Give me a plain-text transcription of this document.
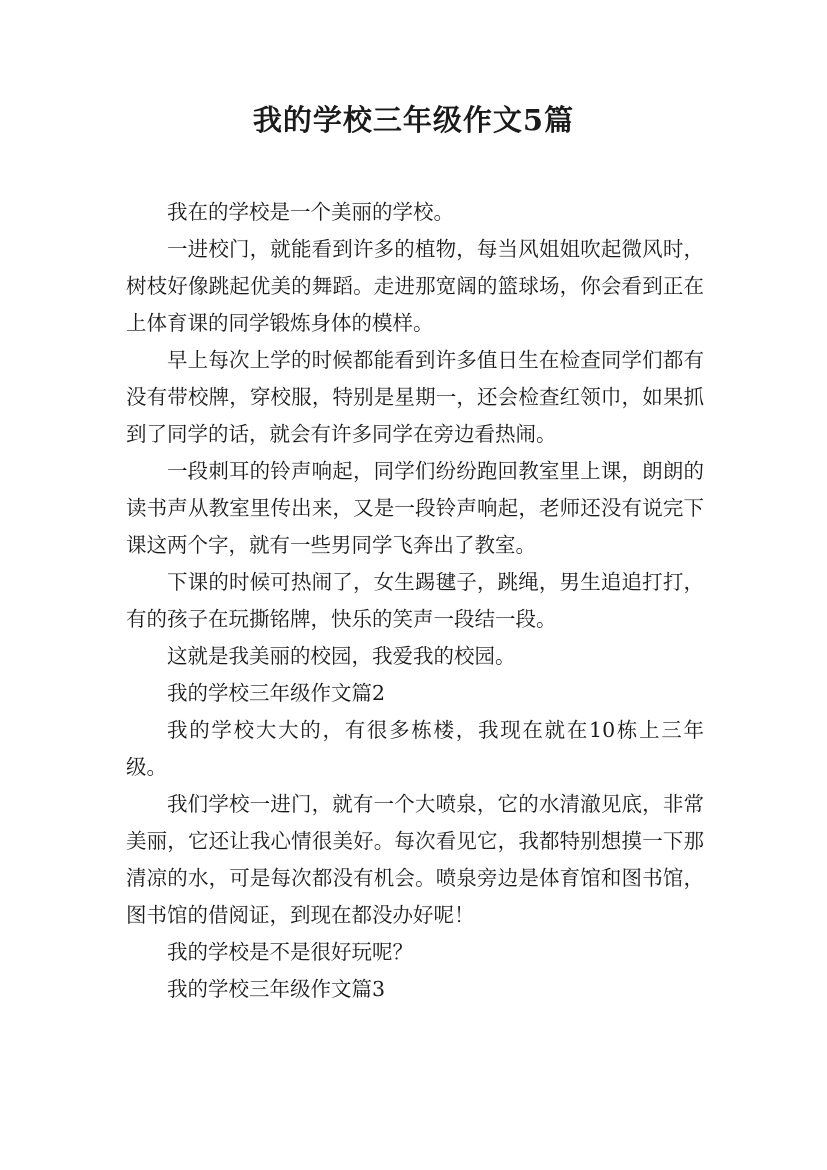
我的学校三年级作文5篇

我在的学校是一个美丽的学校。

一进校门，就能看到许多的植物，每当风姐姐吹起微风时，树枝好像跳起优美的舞蹈。走进那宽阔的篮球场，你会看到正在上体育课的同学锻炼身体的模样。

早上每次上学的时候都能看到许多值日生在检查同学们都有没有带校牌，穿校服，特别是星期一，还会检查红领巾，如果抓到了同学的话，就会有许多同学在旁边看热闹。

一段刺耳的铃声响起，同学们纷纷跑回教室里上课，朗朗的读书声从教室里传出来，又是一段铃声响起，老师还没有说完下课这两个字，就有一些男同学飞奔出了教室。

下课的时候可热闹了，女生踢毽子，跳绳，男生追追打打，有的孩子在玩撕铭牌，快乐的笑声一段结一段。

这就是我美丽的校园，我爱我的校园。

我的学校三年级作文篇2

我的学校大大的，有很多栋楼，我现在就在10栋上三年级。

我们学校一进门，就有一个大喷泉，它的水清澈见底，非常美丽，它还让我心情很美好。每次看见它，我都特别想摸一下那清凉的水，可是每次都没有机会。喷泉旁边是体育馆和图书馆，图书馆的借阅证，到现在都没办好呢！

我的学校是不是很好玩呢？

我的学校三年级作文篇3
